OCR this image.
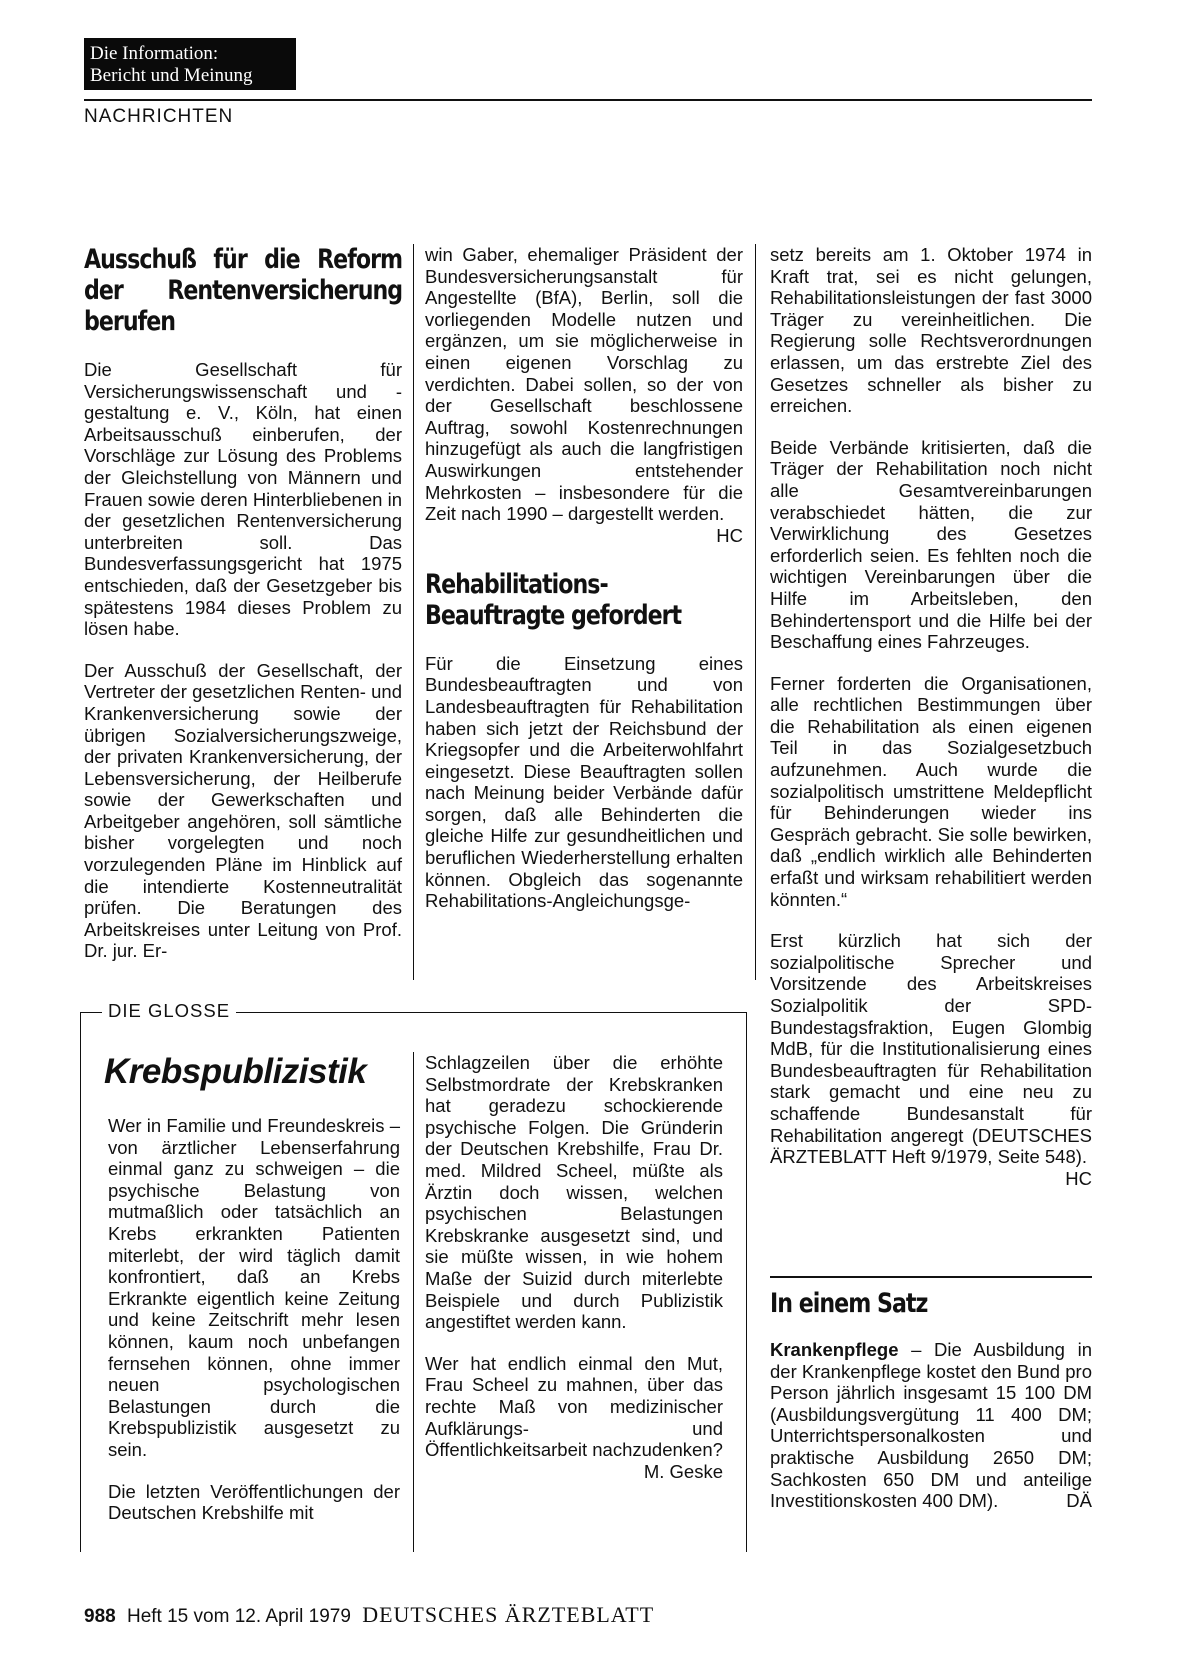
Die Information:
Bericht und Meinung
NACHRICHTEN
Ausschuß für die Reform der Rentenversicherung berufen

Die Gesellschaft für Versicherungswissenschaft und -gestaltung e. V., Köln, hat einen Arbeitsausschuß einberufen, der Vorschläge zur Lösung des Problems der Gleichstellung von Männern und Frauen sowie deren Hinterbliebenen in der gesetzlichen Rentenversicherung unterbreiten soll. Das Bundesverfassungsgericht hat 1975 entschieden, daß der Gesetzgeber bis spätestens 1984 dieses Problem zu lösen habe.

Der Ausschuß der Gesellschaft, der Vertreter der gesetzlichen Renten- und Krankenversicherung sowie der übrigen Sozialversicherungszweige, der privaten Krankenversicherung, der Lebensversicherung, der Heilberufe sowie der Gewerkschaften und Arbeitgeber angehören, soll sämtliche bisher vorgelegten und noch vorzulegenden Pläne im Hinblick auf die intendierte Kostenneutralität prüfen. Die Beratungen des Arbeitskreises unter Leitung von Prof. Dr. jur. Er-

win Gaber, ehemaliger Präsident der Bundesversicherungsanstalt für Angestellte (BfA), Berlin, soll die vorliegenden Modelle nutzen und ergänzen, um sie möglicherweise in einen eigenen Vorschlag zu verdichten. Dabei sollen, so der von der Gesellschaft beschlossene Auftrag, sowohl Kostenrechnungen hinzugefügt als auch die langfristigen Auswirkungen entstehender Mehrkosten – insbesondere für die Zeit nach 1990 – dargestellt werden.
HC

Rehabilitations-Beauftragte gefordert

Für die Einsetzung eines Bundesbeauftragten und von Landesbeauftragten für Rehabilitation haben sich jetzt der Reichsbund der Kriegsopfer und die Arbeiterwohlfahrt eingesetzt. Diese Beauftragten sollen nach Meinung beider Verbände dafür sorgen, daß alle Behinderten die gleiche Hilfe zur gesundheitlichen und beruflichen Wiederherstellung erhalten können. Obgleich das sogenannte Rehabilitations-Angleichungsge-

setz bereits am 1. Oktober 1974 in Kraft trat, sei es nicht gelungen, Rehabilitationsleistungen der fast 3000 Träger zu vereinheitlichen. Die Regierung solle Rechtsverordnungen erlassen, um das erstrebte Ziel des Gesetzes schneller als bisher zu erreichen.

Beide Verbände kritisierten, daß die Träger der Rehabilitation noch nicht alle Gesamtvereinbarungen verabschiedet hätten, die zur Verwirklichung des Gesetzes erforderlich seien. Es fehlten noch die wichtigen Vereinbarungen über die Hilfe im Arbeitsleben, den Behindertensport und die Hilfe bei der Beschaffung eines Fahrzeuges.

Ferner forderten die Organisationen, alle rechtlichen Bestimmungen über die Rehabilitation als einen eigenen Teil in das Sozialgesetzbuch aufzunehmen. Auch wurde die sozialpolitisch umstrittene Meldepflicht für Behinderungen wieder ins Gespräch gebracht. Sie solle bewirken, daß „endlich wirklich alle Behinderten erfaßt und wirksam rehabilitiert werden könnten.“

Erst kürzlich hat sich der sozialpolitische Sprecher und Vorsitzende des Arbeitskreises Sozialpolitik der SPD-Bundestagsfraktion, Eugen Glombig MdB, für die Institutionalisierung eines Bundesbeauftragten für Rehabilitation stark gemacht und eine neu zu schaffende Bundesanstalt für Rehabilitation angeregt (DEUTSCHES ÄRZTEBLATT Heft 9/1979, Seite 548).
HC

DIE GLOSSE
Krebspublizistik

Wer in Familie und Freundeskreis – von ärztlicher Lebenserfahrung einmal ganz zu schweigen – die psychische Belastung von mutmaßlich oder tatsächlich an Krebs erkrankten Patienten miterlebt, der wird täglich damit konfrontiert, daß an Krebs Erkrankte eigentlich keine Zeitung und keine Zeitschrift mehr lesen können, kaum noch unbefangen fernsehen können, ohne immer neuen psychologischen Belastungen durch die Krebspublizistik ausgesetzt zu sein.

Die letzten Veröffentlichungen der Deutschen Krebshilfe mit

Schlagzeilen über die erhöhte Selbstmordrate der Krebskranken hat geradezu schockierende psychische Folgen. Die Gründerin der Deutschen Krebshilfe, Frau Dr. med. Mildred Scheel, müßte als Ärztin doch wissen, welchen psychischen Belastungen Krebskranke ausgesetzt sind, und sie müßte wissen, in wie hohem Maße der Suizid durch miterlebte Beispiele und durch Publizistik angestiftet werden kann.

Wer hat endlich einmal den Mut, Frau Scheel zu mahnen, über das rechte Maß von medizinischer Aufklärungs- und Öffentlichkeitsarbeit nachzudenken?
M. Geske

In einem Satz

Krankenpflege – Die Ausbildung in der Krankenpflege kostet den Bund pro Person jährlich insgesamt 15 100 DM (Ausbildungsvergütung 11 400 DM; Unterrichtspersonalkosten und praktische Ausbildung 2650 DM; Sachkosten 650 DM und anteilige Investitionskosten 400 DM).	DÄ

988 Heft 15 vom 12. April 1979 DEUTSCHES ÄRZTEBLATT
